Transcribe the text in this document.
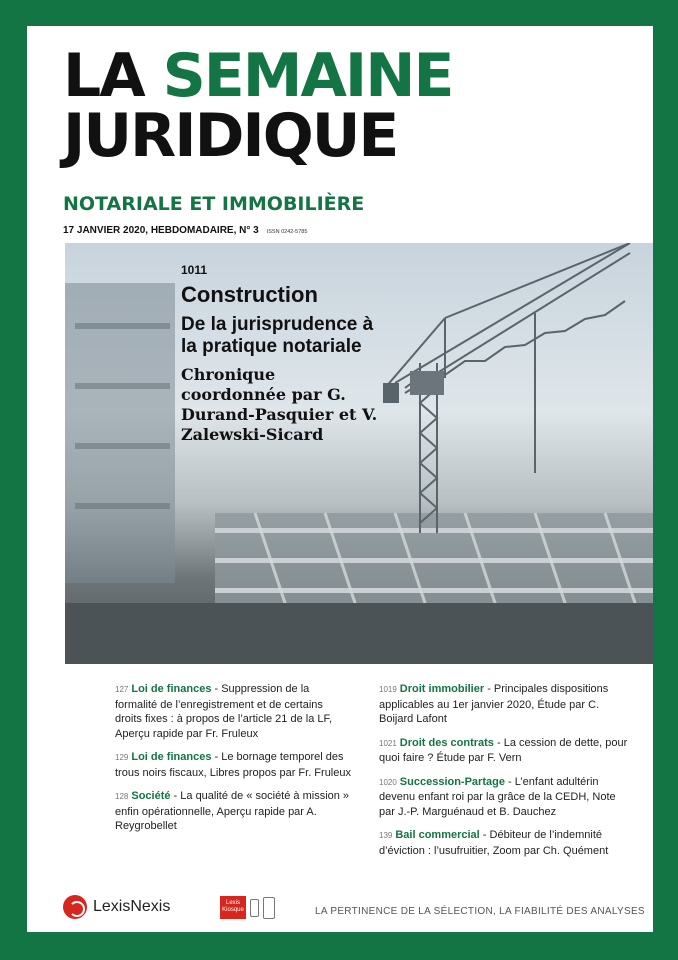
LA SEMAINE
JURIDIQUE
NOTARIALE ET IMMOBILIÈRE
17 JANVIER 2020, HEBDOMADAIRE, N° 3 ISSN 0242-5785
1011
Construction
De la jurisprudence à la pratique notariale
Chronique coordonnée par G. Durand-Pasquier et V. Zalewski-Sicard
127 Loi de finances - Suppression de la formalité de l’enregistrement et de certains droits fixes : à propos de l’article 21 de la LF, Aperçu rapide par Fr. Fruleux
129 Loi de finances - Le bornage temporel des trous noirs fiscaux, Libres propos par Fr. Fruleux
128 Société - La qualité de « société à mission » enfin opérationnelle, Aperçu rapide par A. Reygrobellet
1019 Droit immobilier - Principales dispositions applicables au 1er janvier 2020, Étude par C. Boijard Lafont
1021 Droit des contrats - La cession de dette, pour quoi faire ? Étude par F. Vern
1020 Succession-Partage - L’enfant adultérin devenu enfant roi par la grâce de la CEDH, Note par J.-P. Marguénaud et B. Dauchez
139 Bail commercial - Débiteur de l’indemnité d’éviction : l’usufruitier, Zoom par Ch. Quément
LexisNexis	Lexis
Kiosque	LA PERTINENCE DE LA SÉLECTION, LA FIABILITÉ DES ANALYSES
